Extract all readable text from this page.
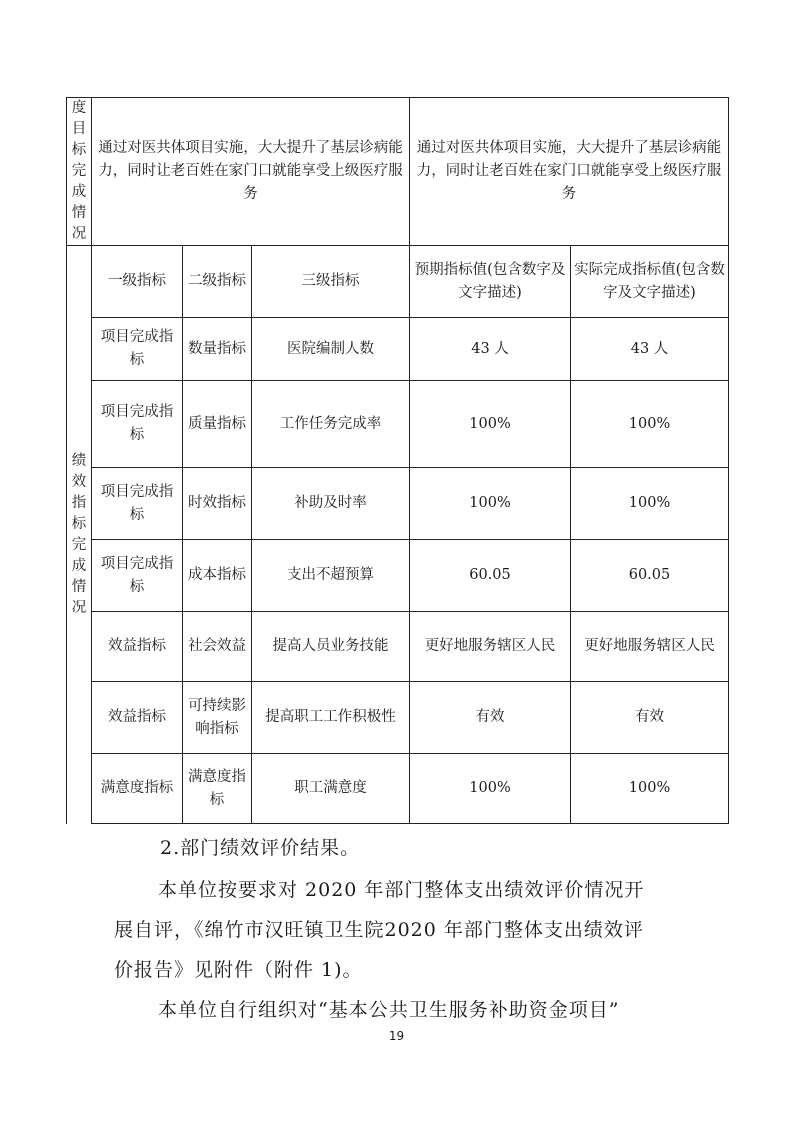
度目标完成情况	通过对医共体项目实施，大大提升了基层诊病能力，同时让老百姓在家门口就能享受上级医疗服务			通过对医共体项目实施，大大提升了基层诊病能力，同时让老百姓在家门口就能享受上级医疗服务	
绩效指标完成情况	一级指标	二级指标	三级指标	预期指标值(包含数字及文字描述)	实际完成指标值(包含数字及文字描述)
	项目完成指标	数量指标	医院编制人数	43 人	43 人
	项目完成指标	质量指标	工作任务完成率	100%	100%
	项目完成指标	时效指标	补助及时率	100%	100%
	项目完成指标	成本指标	支出不超预算	60.05	60.05
	效益指标	社会效益	提高人员业务技能	更好地服务辖区人民	更好地服务辖区人民
	效益指标	可持续影响指标	提高职工工作积极性	有效	有效
	满意度指标	满意度指标	职工满意度	100%	100%
2.部门绩效评价结果。
本单位按要求对 2020 年部门整体支出绩效评价情况开
展自评，《绵竹市汉旺镇卫生院2020 年部门整体支出绩效评
价报告》见附件（附件 1)。
本单位自行组织对“基本公共卫生服务补助资金项目”
19
